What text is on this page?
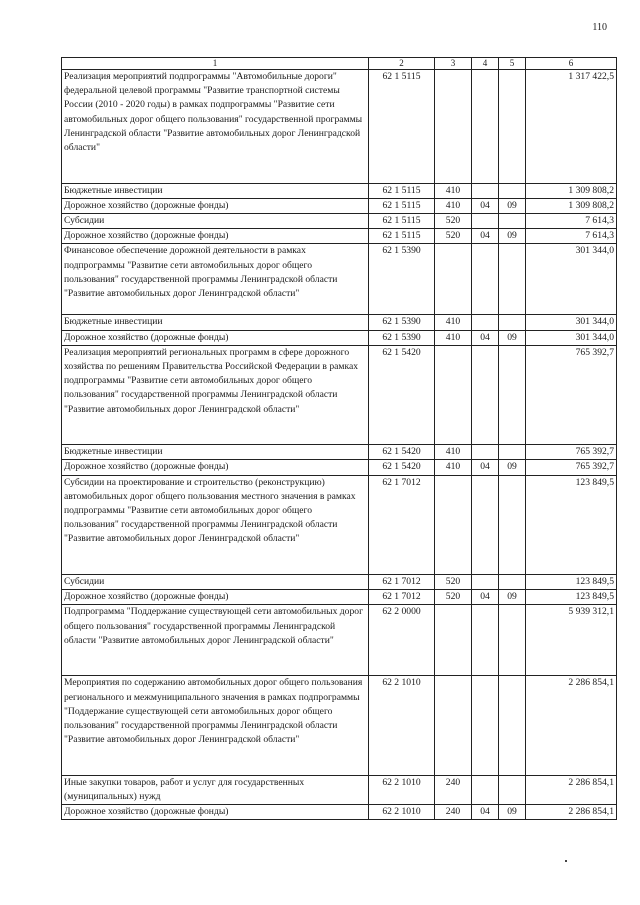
110
1	2	3	4	5	6
Реализация мероприятий подпрограммы "Автомобильные дороги" федеральной целевой программы "Развитие транспортной системы России (2010 - 2020 годы) в рамках подпрограммы "Развитие сети автомобильных дорог общего пользования" государственной программы Ленинградской области "Развитие автомобильных дорог Ленинградской области"	62 1 5115				1 317 422,5
Бюджетные инвестиции	62 1 5115	410			1 309 808,2
Дорожное хозяйство (дорожные фонды)	62 1 5115	410	04	09	1 309 808,2
Субсидии	62 1 5115	520			7 614,3
Дорожное хозяйство (дорожные фонды)	62 1 5115	520	04	09	7 614,3
Финансовое обеспечение дорожной деятельности в рамках подпрограммы "Развитие сети автомобильных дорог общего пользования" государственной программы Ленинградской области "Развитие автомобильных дорог Ленинградской области"	62 1 5390				301 344,0
Бюджетные инвестиции	62 1 5390	410			301 344,0
Дорожное хозяйство (дорожные фонды)	62 1 5390	410	04	09	301 344,0
Реализация мероприятий региональных программ в сфере дорожного хозяйства по решениям Правительства Российской Федерации в рамках подпрограммы "Развитие сети автомобильных дорог общего пользования" государственной программы Ленинградской области "Развитие автомобильных дорог Ленинградской области"	62 1 5420				765 392,7
Бюджетные инвестиции	62 1 5420	410			765 392,7
Дорожное хозяйство (дорожные фонды)	62 1 5420	410	04	09	765 392,7
Субсидии на проектирование и строительство (реконструкцию) автомобильных дорог общего пользования местного значения в рамках подпрограммы "Развитие сети автомобильных дорог общего пользования" государственной программы Ленинградской области "Развитие автомобильных дорог Ленинградской области"	62 1 7012				123 849,5
Субсидии	62 1 7012	520			123 849,5
Дорожное хозяйство (дорожные фонды)	62 1 7012	520	04	09	123 849,5
Подпрограмма "Поддержание существующей сети автомобильных дорог общего пользования" государственной программы Ленинградской области "Развитие автомобильных дорог Ленинградской области"	62 2 0000				5 939 312,1
Мероприятия по содержанию автомобильных дорог общего пользования регионального и межмуниципального значения в рамках подпрограммы "Поддержание существующей сети автомобильных дорог общего пользования" государственной программы Ленинградской области "Развитие автомобильных дорог Ленинградской области"	62 2 1010				2 286 854,1
Иные закупки товаров, работ и услуг для государственных (муниципальных) нужд	62 2 1010	240			2 286 854,1
Дорожное хозяйство (дорожные фонды)	62 2 1010	240	04	09	2 286 854,1
